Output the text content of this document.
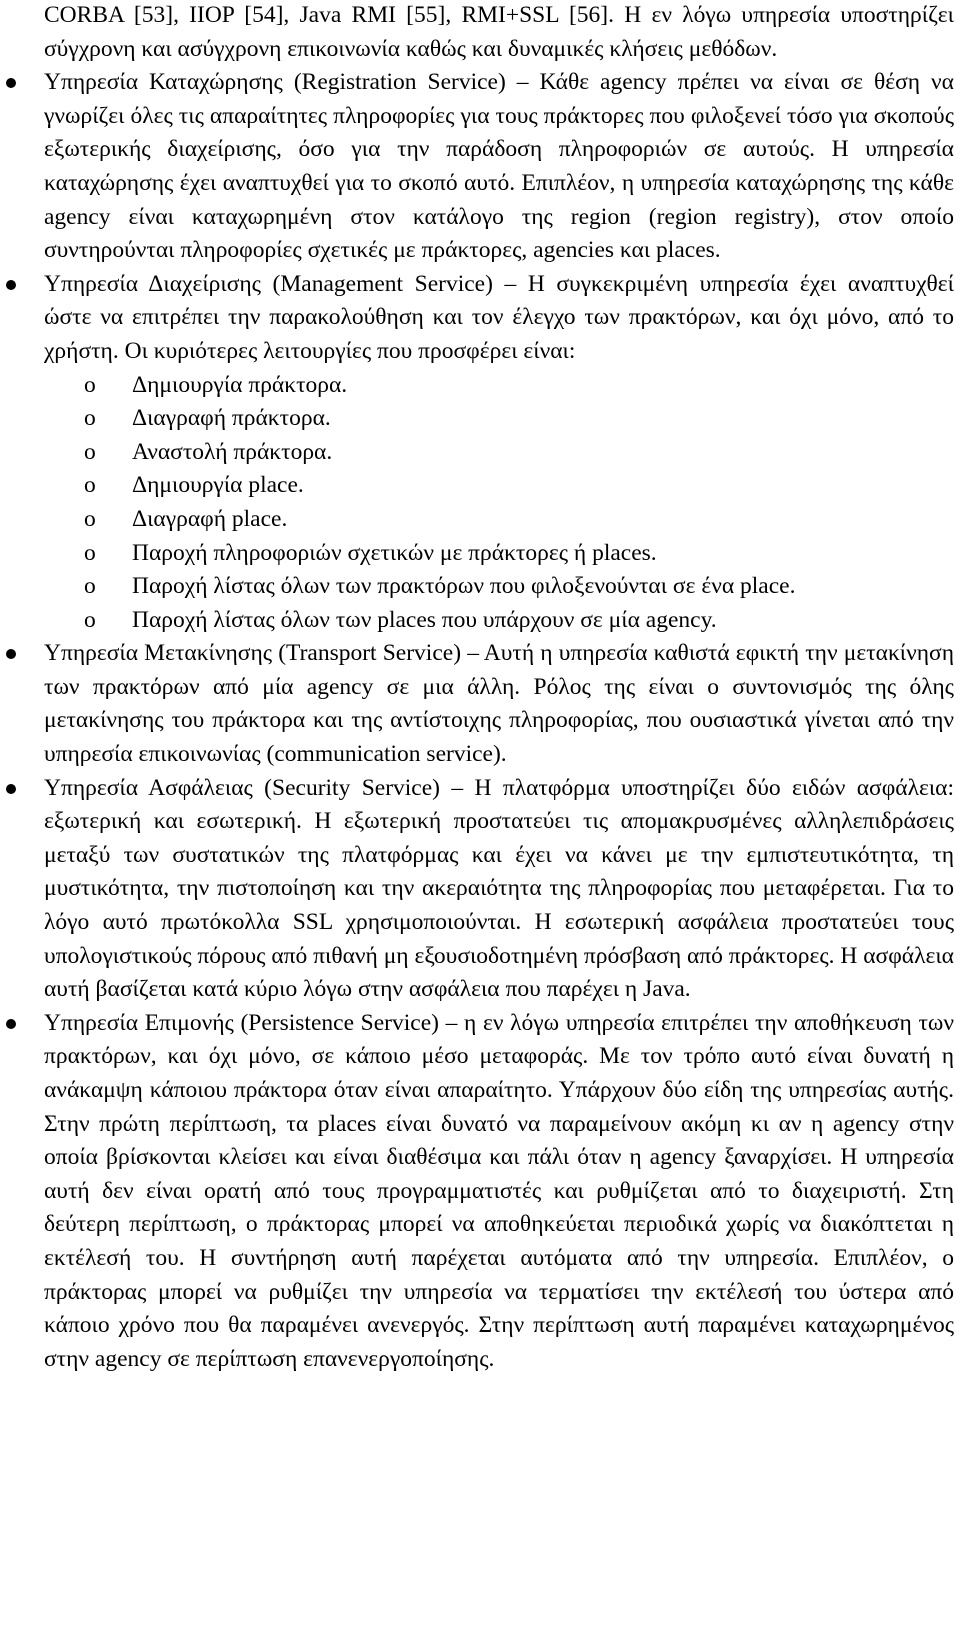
CORBA [53], IIOP [54], Java RMI [55], RMI+SSL [56]. Η εν λόγω υπηρεσία υποστηρίζει σύγχρονη και ασύγχρονη επικοινωνία καθώς και δυναμικές κλήσεις μεθόδων.

Υπηρεσία Καταχώρησης (Registration Service) – Κάθε agency πρέπει να είναι σε θέση να γνωρίζει όλες τις απαραίτητες πληροφορίες για τους πράκτορες που φιλοξενεί τόσο για σκοπούς εξωτερικής διαχείρισης, όσο για την παράδοση πληροφοριών σε αυτούς. Η υπηρεσία καταχώρησης έχει αναπτυχθεί για το σκοπό αυτό. Επιπλέον, η υπηρεσία καταχώρησης της κάθε agency είναι καταχωρημένη στον κατάλογο της region (region registry), στον οποίο συντηρούνται πληροφορίες σχετικές με πράκτορες, agencies και places.
Υπηρεσία Διαχείρισης (Management Service) – Η συγκεκριμένη υπηρεσία έχει αναπτυχθεί ώστε να επιτρέπει την παρακολούθηση και τον έλεγχο των πρακτόρων, και όχι μόνο, από το χρήστη. Οι κυριότερες λειτουργίες που προσφέρει είναι:
o Δημιουργία πράκτορα.
o Διαγραφή πράκτορα.
o Αναστολή πράκτορα.
o Δημιουργία place.
o Διαγραφή place.
o Παροχή πληροφοριών σχετικών με πράκτορες ή places.
o Παροχή λίστας όλων των πρακτόρων που φιλοξενούνται σε ένα place.
o Παροχή λίστας όλων των places που υπάρχουν σε μία agency.
Υπηρεσία Μετακίνησης (Transport Service) – Αυτή η υπηρεσία καθιστά εφικτή την μετακίνηση των πρακτόρων από μία agency σε μια άλλη. Ρόλος της είναι ο συντονισμός της όλης μετακίνησης του πράκτορα και της αντίστοιχης πληροφορίας, που ουσιαστικά γίνεται από την υπηρεσία επικοινωνίας (communication service).
Υπηρεσία Ασφάλειας (Security Service) – Η πλατφόρμα υποστηρίζει δύο ειδών ασφάλεια: εξωτερική και εσωτερική. Η εξωτερική προστατεύει τις απομακρυσμένες αλληλεπιδράσεις μεταξύ των συστατικών της πλατφόρμας και έχει να κάνει με την εμπιστευτικότητα, τη μυστικότητα, την πιστοποίηση και την ακεραιότητα της πληροφορίας που μεταφέρεται. Για το λόγο αυτό πρωτόκολλα SSL χρησιμοποιούνται. Η εσωτερική ασφάλεια προστατεύει τους υπολογιστικούς πόρους από πιθανή μη εξουσιοδοτημένη πρόσβαση από πράκτορες. Η ασφάλεια αυτή βασίζεται κατά κύριο λόγω στην ασφάλεια που παρέχει η Java.
Υπηρεσία Επιμονής (Persistence Service) – η εν λόγω υπηρεσία επιτρέπει την αποθήκευση των πρακτόρων, και όχι μόνο, σε κάποιο μέσο μεταφοράς. Με τον τρόπο αυτό είναι δυνατή η ανάκαμψη κάποιου πράκτορα όταν είναι απαραίτητο. Υπάρχουν δύο είδη της υπηρεσίας αυτής. Στην πρώτη περίπτωση, τα places είναι δυνατό να παραμείνουν ακόμη κι αν η agency στην οποία βρίσκονται κλείσει και είναι διαθέσιμα και πάλι όταν η agency ξαναρχίσει. Η υπηρεσία αυτή δεν είναι ορατή από τους προγραμματιστές και ρυθμίζεται από το διαχειριστή. Στη δεύτερη περίπτωση, ο πράκτορας μπορεί να αποθηκεύεται περιοδικά χωρίς να διακόπτεται η εκτέλεσή του. Η συντήρηση αυτή παρέχεται αυτόματα από την υπηρεσία. Επιπλέον, ο πράκτορας μπορεί να ρυθμίζει την υπηρεσία να τερματίσει την εκτέλεσή του ύστερα από κάποιο χρόνο που θα παραμένει ανενεργός. Στην περίπτωση αυτή παραμένει καταχωρημένος στην agency σε περίπτωση επανενεργοποίησης.
